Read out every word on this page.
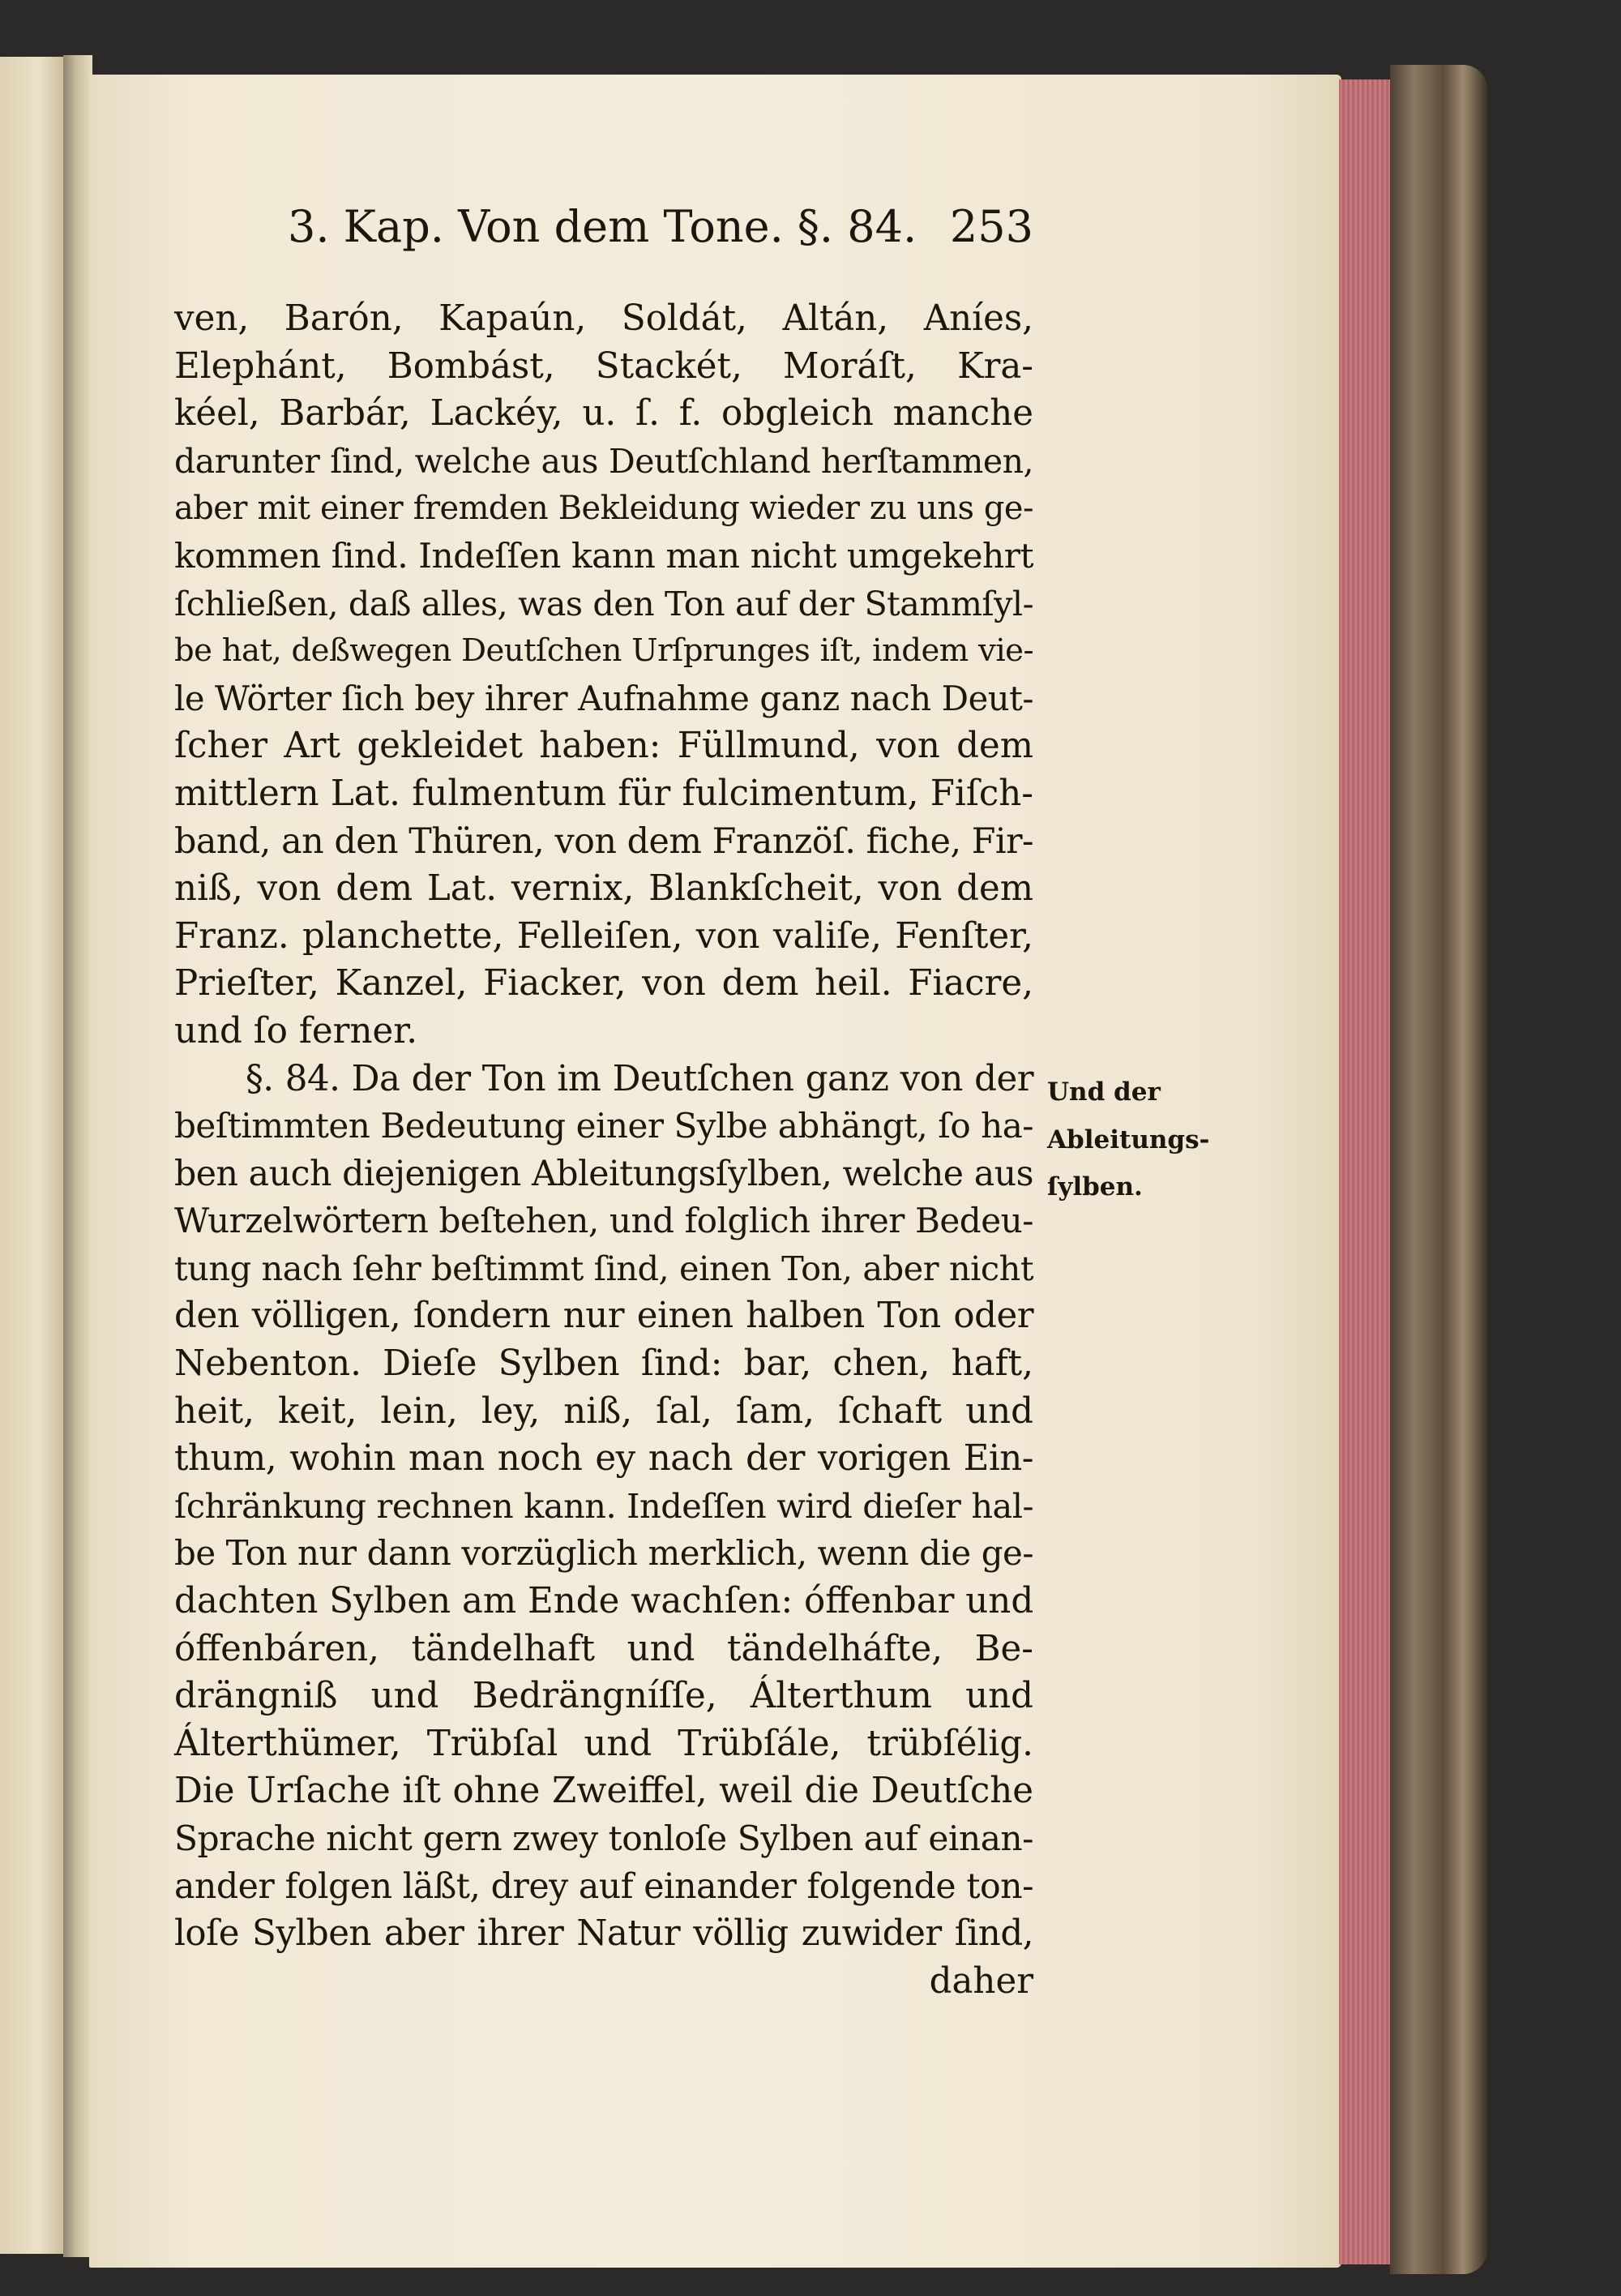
3. Kap. Von dem Tone. §. 84. 253
ven, Barón, Kapaún, Soldát, Altán, Aníes,
Elephánt, Bombást, Stackét, Moráſt, Kra-
kéel, Barbár, Lackéy, u. ſ. f. obgleich manche
darunter ſind, welche aus Deutſchland herſtammen,
aber mit einer fremden Bekleidung wieder zu uns ge-
kommen ſind. Indeſſen kann man nicht umgekehrt
ſchließen, daß alles, was den Ton auf der Stammſyl-
be hat, deßwegen Deutſchen Urſprunges iſt, indem vie-
le Wörter ſich bey ihrer Aufnahme ganz nach Deut-
ſcher Art gekleidet haben: Füllmund, von dem
mittlern Lat. fulmentum für fulcimentum, Fiſch-
band, an den Thüren, von dem Franzöſ. fiche, Fir-
niß, von dem Lat. vernix, Blankſcheit, von dem
Franz. planchette, Felleiſen, von valiſe, Fenſter,
Prieſter, Kanzel, Fiacker, von dem heil. Fiacre,
und ſo ferner.
§. 84. Da der Ton im Deutſchen ganz von der
beſtimmten Bedeutung einer Sylbe abhängt, ſo ha-
ben auch diejenigen Ableitungsſylben, welche aus
Wurzelwörtern beſtehen, und folglich ihrer Bedeu-
tung nach ſehr beſtimmt ſind, einen Ton, aber nicht
den völligen, ſondern nur einen halben Ton oder
Nebenton. Dieſe Sylben ſind: bar, chen, haft,
heit, keit, lein, ley, niß, ſal, ſam, ſchaft und
thum, wohin man noch ey nach der vorigen Ein-
ſchränkung rechnen kann. Indeſſen wird dieſer hal-
be Ton nur dann vorzüglich merklich, wenn die ge-
dachten Sylben am Ende wachſen: óffenbar und
óffenbáren, tändelhaft und tändelháfte, Be-
drängniß und Bedrängníſſe, Álterthum und
Álterthümer, Trübſal und Trübſále, trübſélig.
Die Urſache iſt ohne Zweiffel, weil die Deutſche
Sprache nicht gern zwey tonloſe Sylben auf einan-
ander folgen läßt, drey auf einander folgende ton-
loſe Sylben aber ihrer Natur völlig zuwider ſind,
daher
Und der
Ableitungs-
ſylben.
